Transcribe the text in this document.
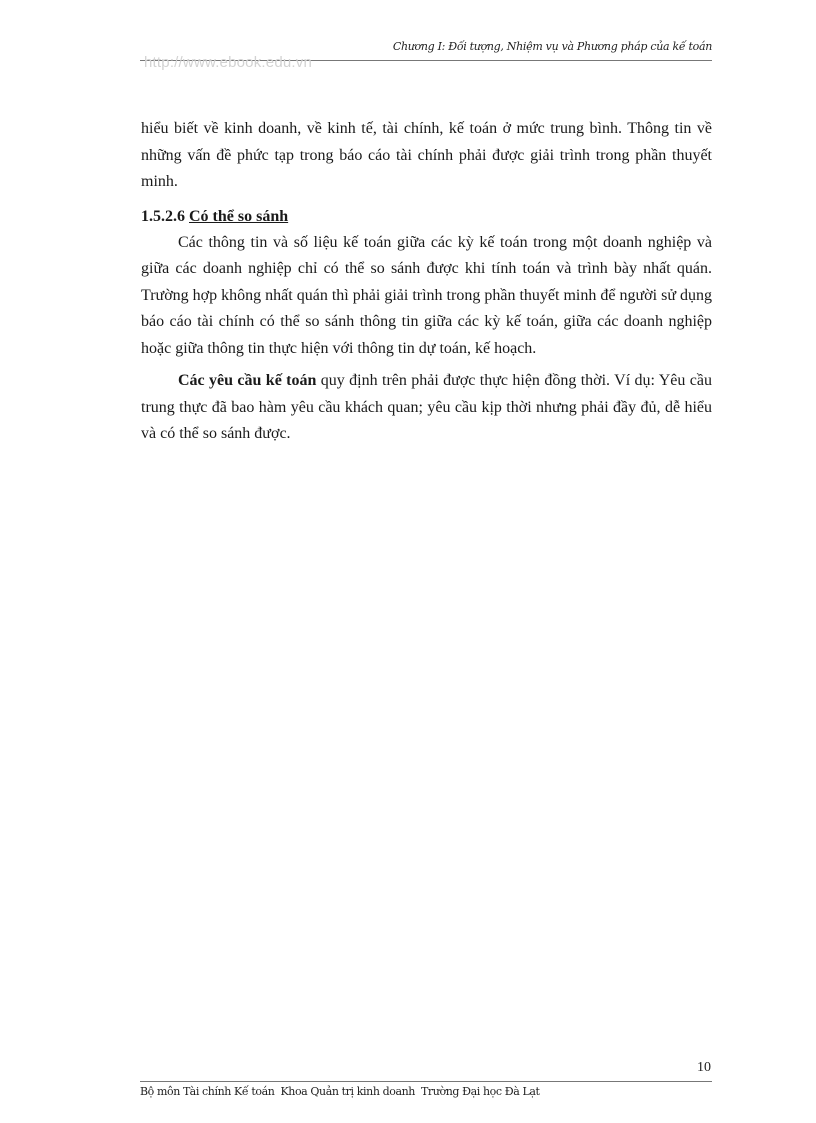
Chương I: Đối tượng, Nhiệm vụ và Phương pháp của kế toán
http://www.ebook.edu.vn

hiểu biết về kinh doanh, về kinh tế, tài chính, kế toán ở mức trung bình. Thông tin về những vấn đề phức tạp trong báo cáo tài chính phải được giải trình trong phần thuyết minh.

1.5.2.6 Có thể so sánh

Các thông tin và số liệu kế toán giữa các kỳ kế toán trong một doanh nghiệp và giữa các doanh nghiệp chỉ có thể so sánh được khi tính toán và trình bày nhất quán. Trường hợp không nhất quán thì phải giải trình trong phần thuyết minh để người sử dụng báo cáo tài chính có thể so sánh thông tin giữa các kỳ kế toán, giữa các doanh nghiệp hoặc giữa thông tin thực hiện với thông tin dự toán, kế hoạch.

Các yêu cầu kế toán quy định trên phải được thực hiện đồng thời. Ví dụ: Yêu cầu trung thực đã bao hàm yêu cầu khách quan; yêu cầu kịp thời nhưng phải đầy đủ, dễ hiểu và có thể so sánh được.

10
Bộ môn Tài chính Kế toán Khoa Quản trị kinh doanh Trường Đại học Đà Lạt
